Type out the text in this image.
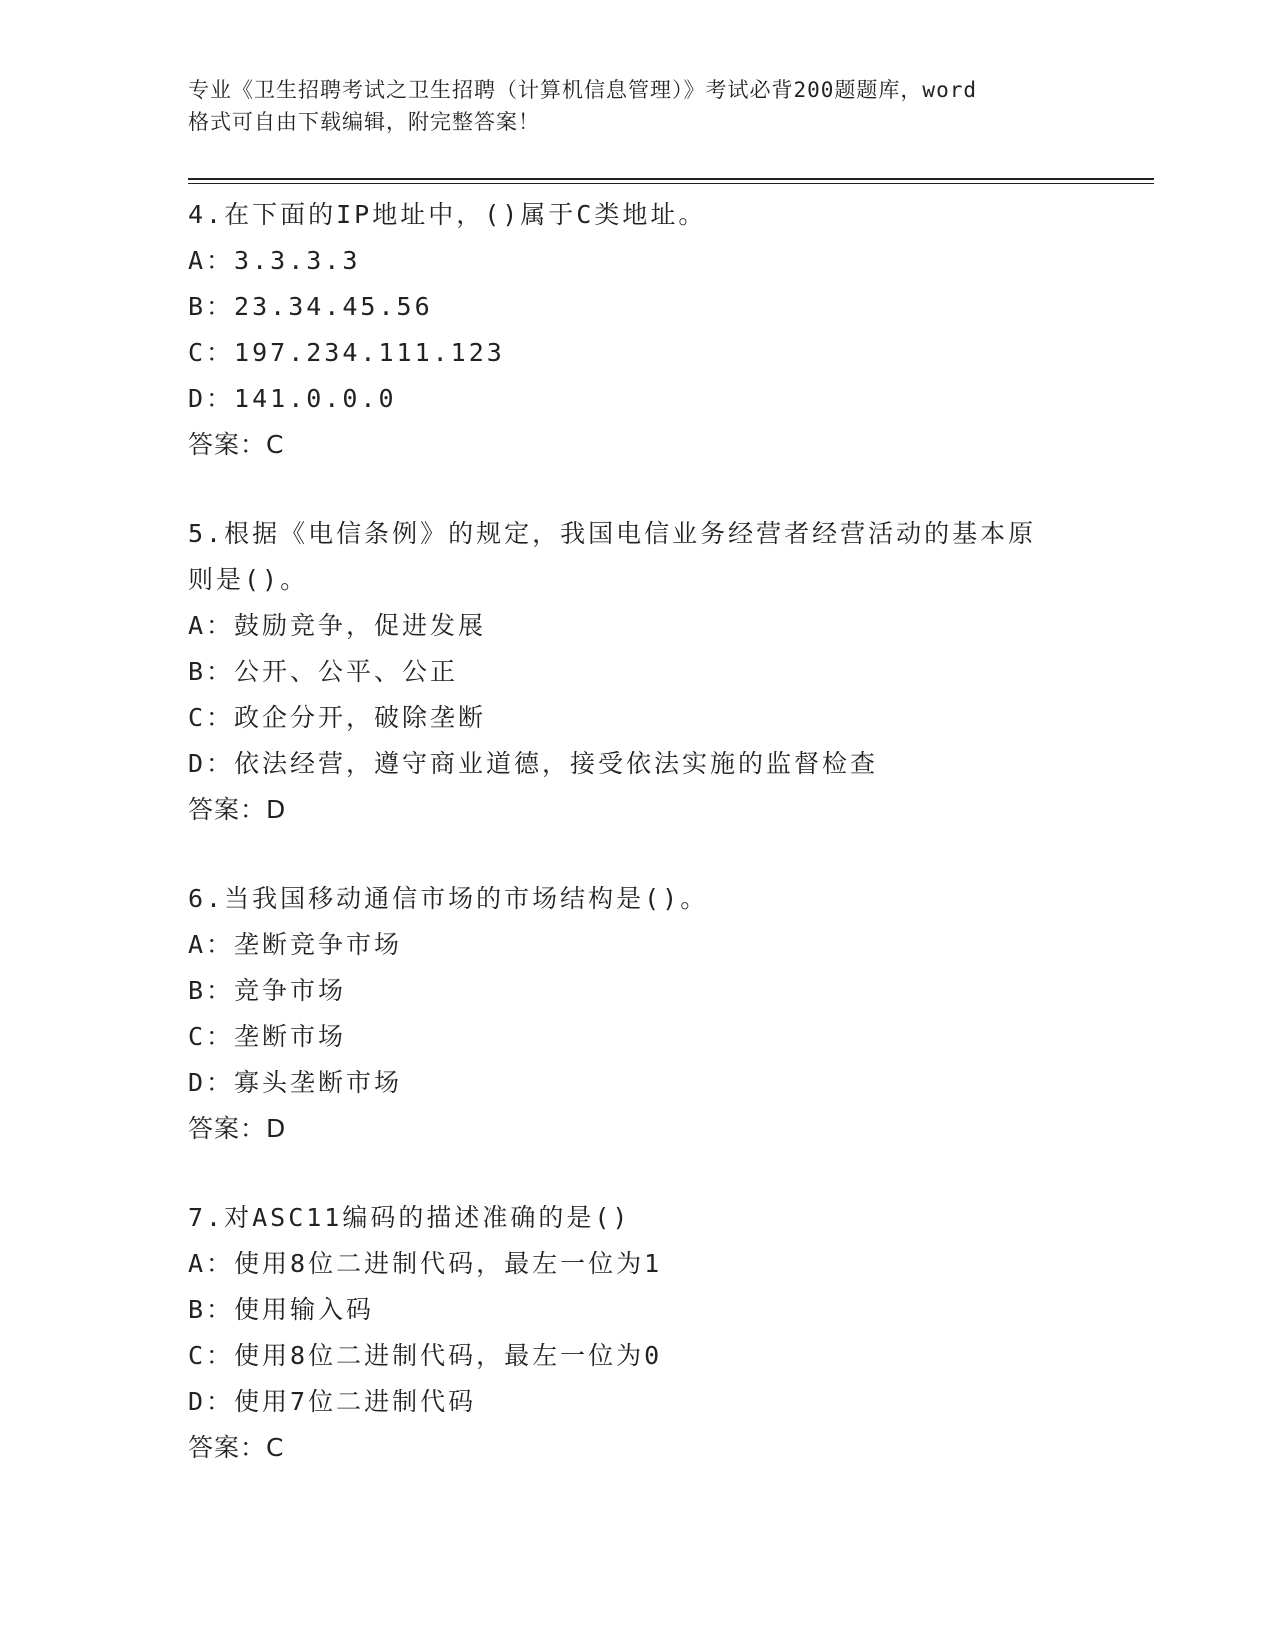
专业《卫生招聘考试之卫生招聘（计算机信息管理）》考试必背200题题库，word
格式可自由下载编辑，附完整答案！
4.在下面的IP地址中，()属于C类地址。
A：3.3.3.3
B：23.34.45.56
C：197.234.111.123
D：141.0.0.0
答案：C
5.根据《电信条例》的规定，我国电信业务经营者经营活动的基本原
则是()。
A：鼓励竞争，促进发展
B：公开、公平、公正
C：政企分开，破除垄断
D：依法经营，遵守商业道德，接受依法实施的监督检查
答案：D
6.当我国移动通信市场的市场结构是()。
A：垄断竞争市场
B：竞争市场
C：垄断市场
D：寡头垄断市场
答案：D
7.对ASC11编码的描述准确的是()
A：使用8位二进制代码，最左一位为1
B：使用输入码
C：使用8位二进制代码，最左一位为0
D：使用7位二进制代码
答案：C
